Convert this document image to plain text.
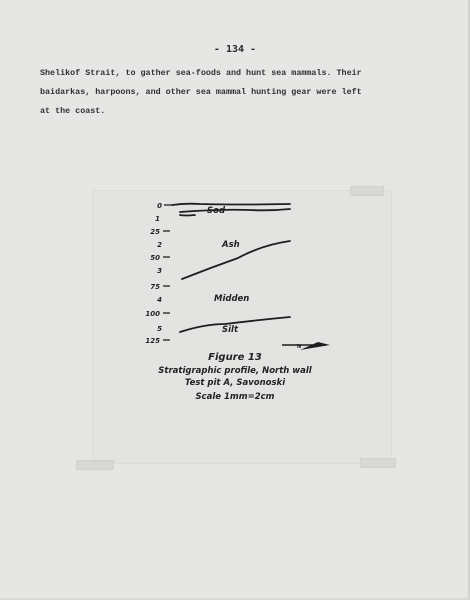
- 134 -
Shelikof Strait, to gather sea-foods and hunt sea mammals. Their
baidarkas, harpoons, and other sea mammal hunting gear were left
at the coast.
0
1
25
2
50
3
75
4
100
5
125
Sod
Ash
Midden
Silt
N
Figure 13
Stratigraphic profile, North wall
Test pit A, Savonoski
Scale 1mm=2cm
